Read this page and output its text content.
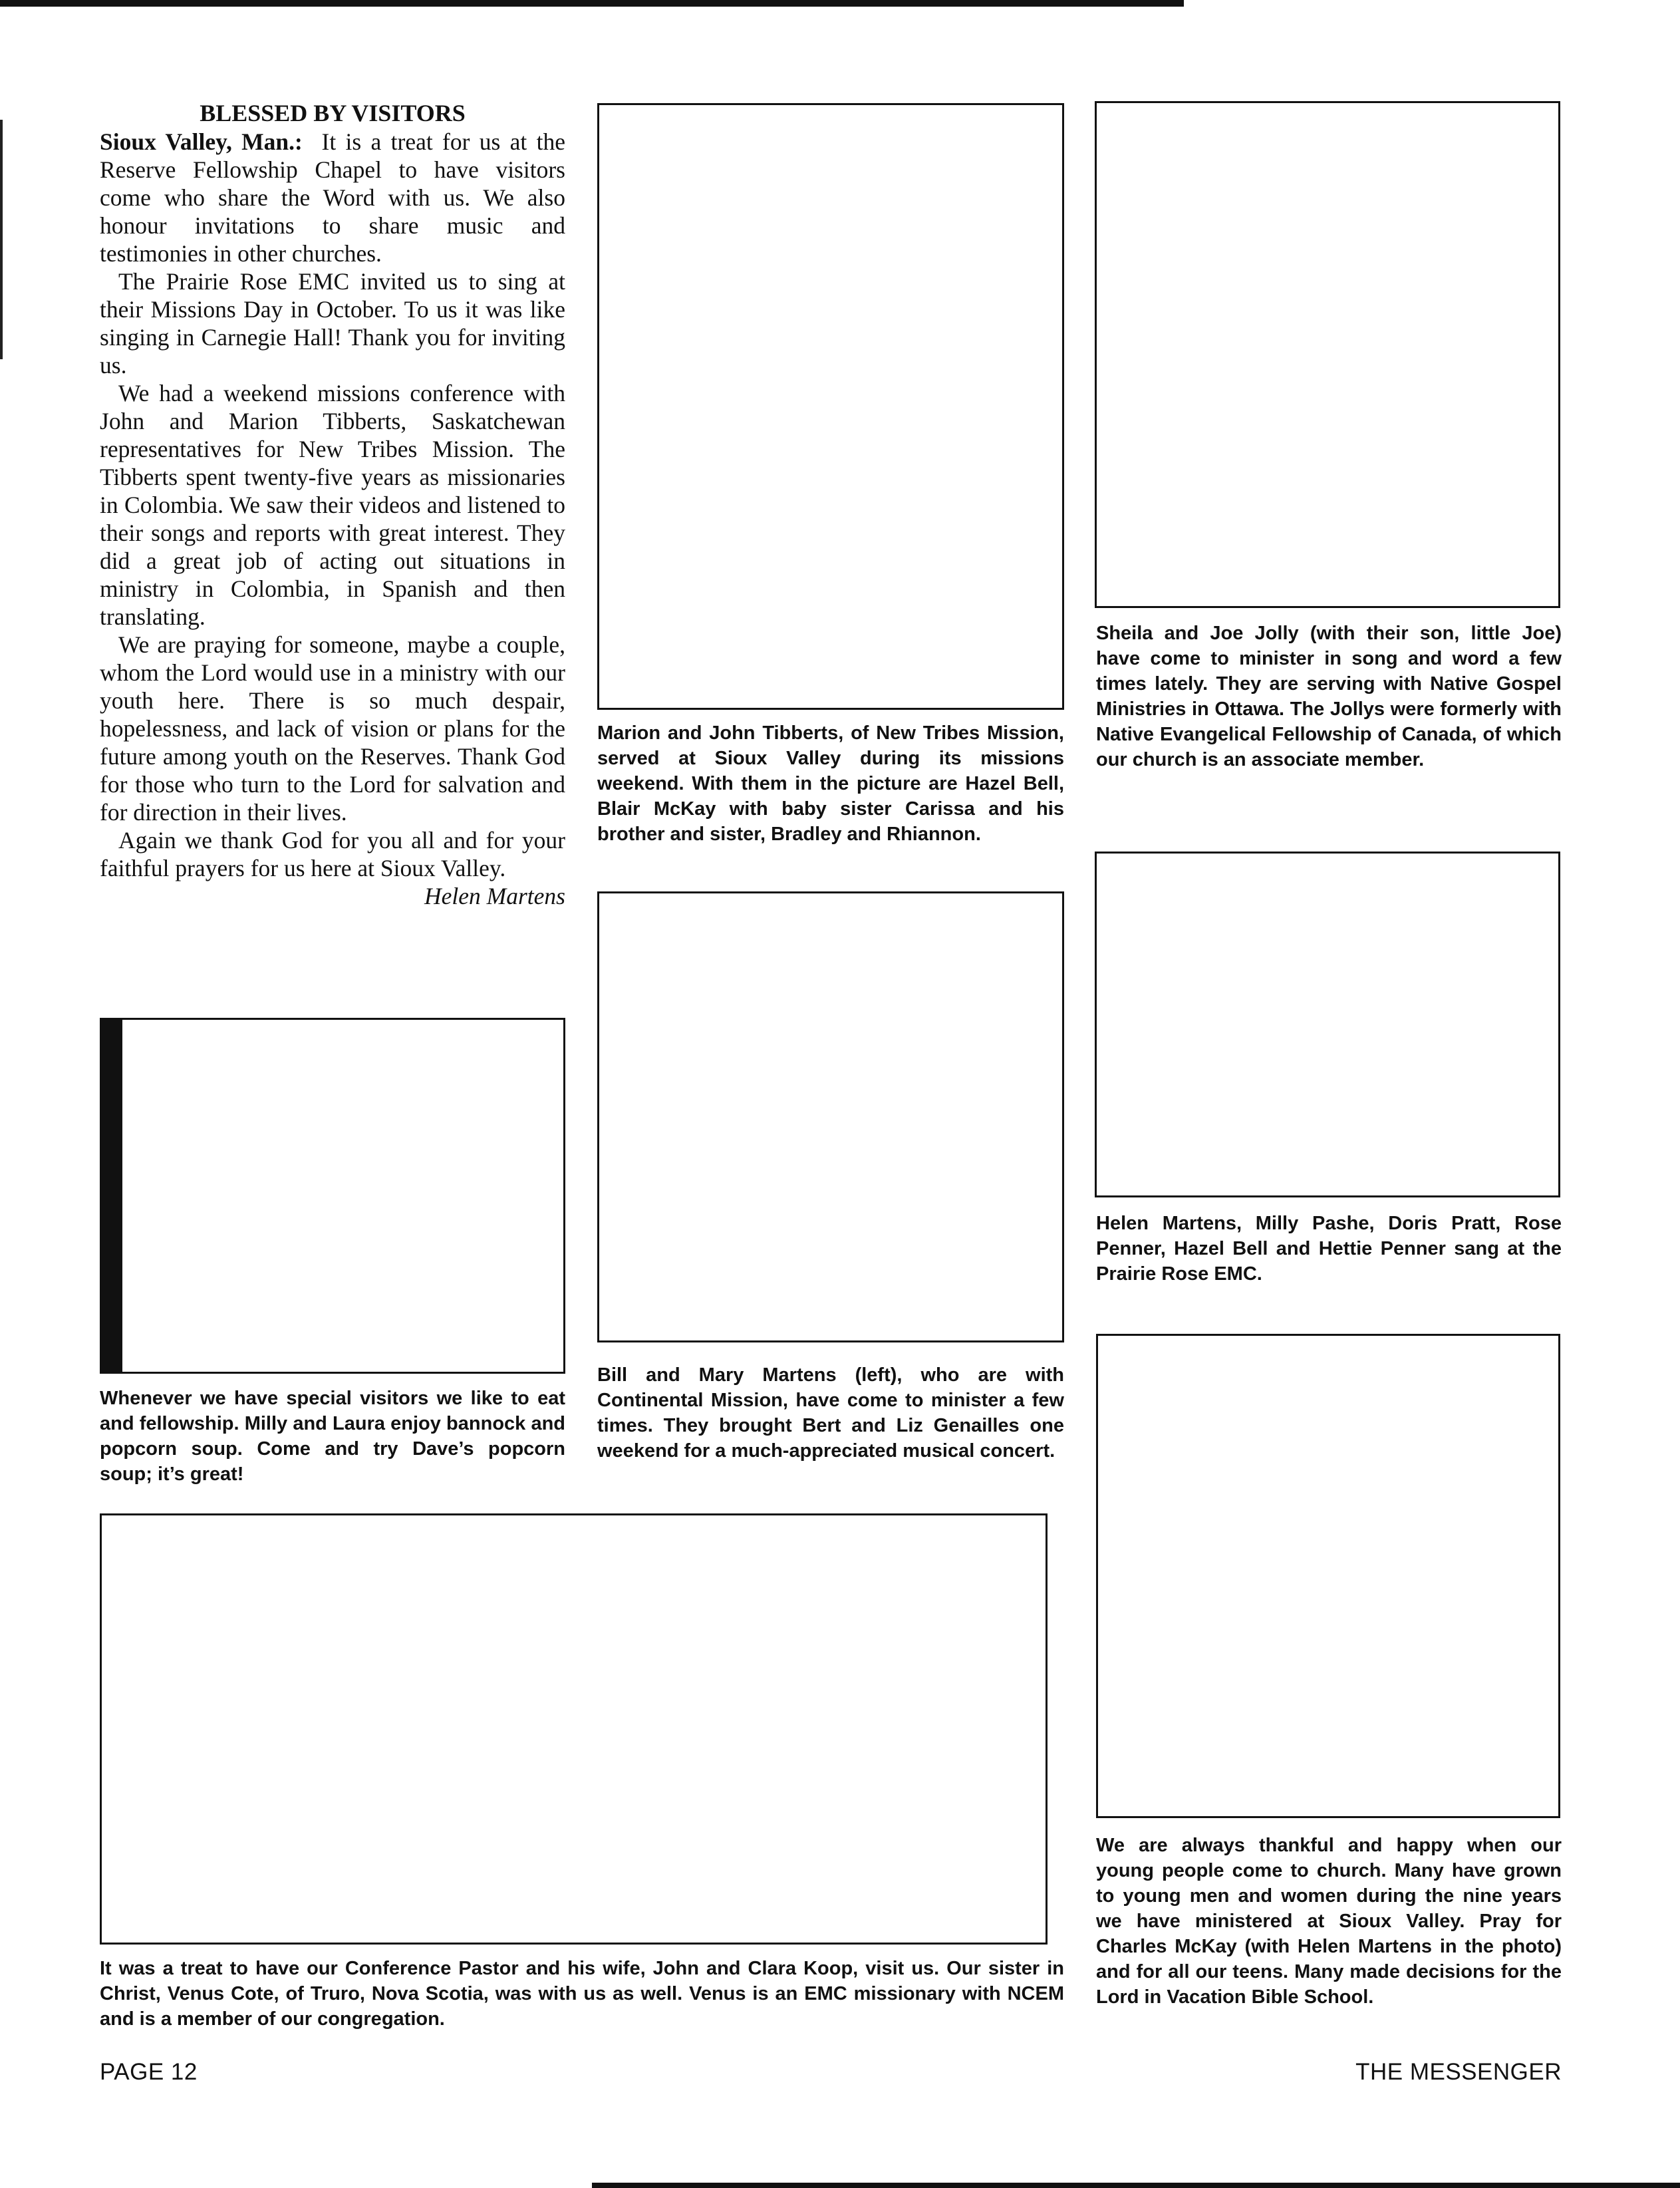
BLESSED BY VISITORS

Sioux Valley, Man.: It is a treat for us at the Reserve Fellowship Chapel to have visitors come who share the Word with us. We also honour invitations to share music and testimonies in other churches.

The Prairie Rose EMC invited us to sing at their Missions Day in October. To us it was like singing in Carnegie Hall! Thank you for inviting us.

We had a weekend missions conference with John and Marion Tibberts, Saskatchewan representatives for New Tribes Mission. The Tibberts spent twenty-five years as missionaries in Colombia. We saw their videos and listened to their songs and reports with great interest. They did a great job of acting out situations in ministry in Colombia, in Spanish and then translating.

We are praying for someone, maybe a couple, whom the Lord would use in a ministry with our youth here. There is so much despair, hopelessness, and lack of vision or plans for the future among youth on the Reserves. Thank God for those who turn to the Lord for salvation and for direction in their lives.

Again we thank God for you all and for your faithful prayers for us here at Sioux Valley.

Helen Martens

Marion and John Tibberts, of New Tribes Mission, served at Sioux Valley during its missions weekend. With them in the picture are Hazel Bell, Blair McKay with baby sister Carissa and his brother and sister, Bradley and Rhiannon.
Sheila and Joe Jolly (with their son, little Joe) have come to minister in song and word a few times lately. They are serving with Native Gospel Ministries in Ottawa. The Jollys were formerly with Native Evangelical Fellowship of Canada, of which our church is an associate member.
Bill and Mary Martens (left), who are with Continental Mission, have come to minister a few times. They brought Bert and Liz Genailles one weekend for a much-appreciated musical concert.
Helen Martens, Milly Pashe, Doris Pratt, Rose Penner, Hazel Bell and Hettie Penner sang at the Prairie Rose EMC.
Whenever we have special visitors we like to eat and fellowship. Milly and Laura enjoy bannock and popcorn soup. Come and try Dave’s popcorn soup; it’s great!
It was a treat to have our Conference Pastor and his wife, John and Clara Koop, visit us. Our sister in Christ, Venus Cote, of Truro, Nova Scotia, was with us as well. Venus is an EMC missionary with NCEM and is a member of our congregation.
We are always thankful and happy when our young people come to church. Many have grown to young men and women during the nine years we have ministered at Sioux Valley. Pray for Charles McKay (with Helen Martens in the photo) and for all our teens. Many made decisions for the Lord in Vacation Bible School.
PAGE 12	THE MESSENGER
